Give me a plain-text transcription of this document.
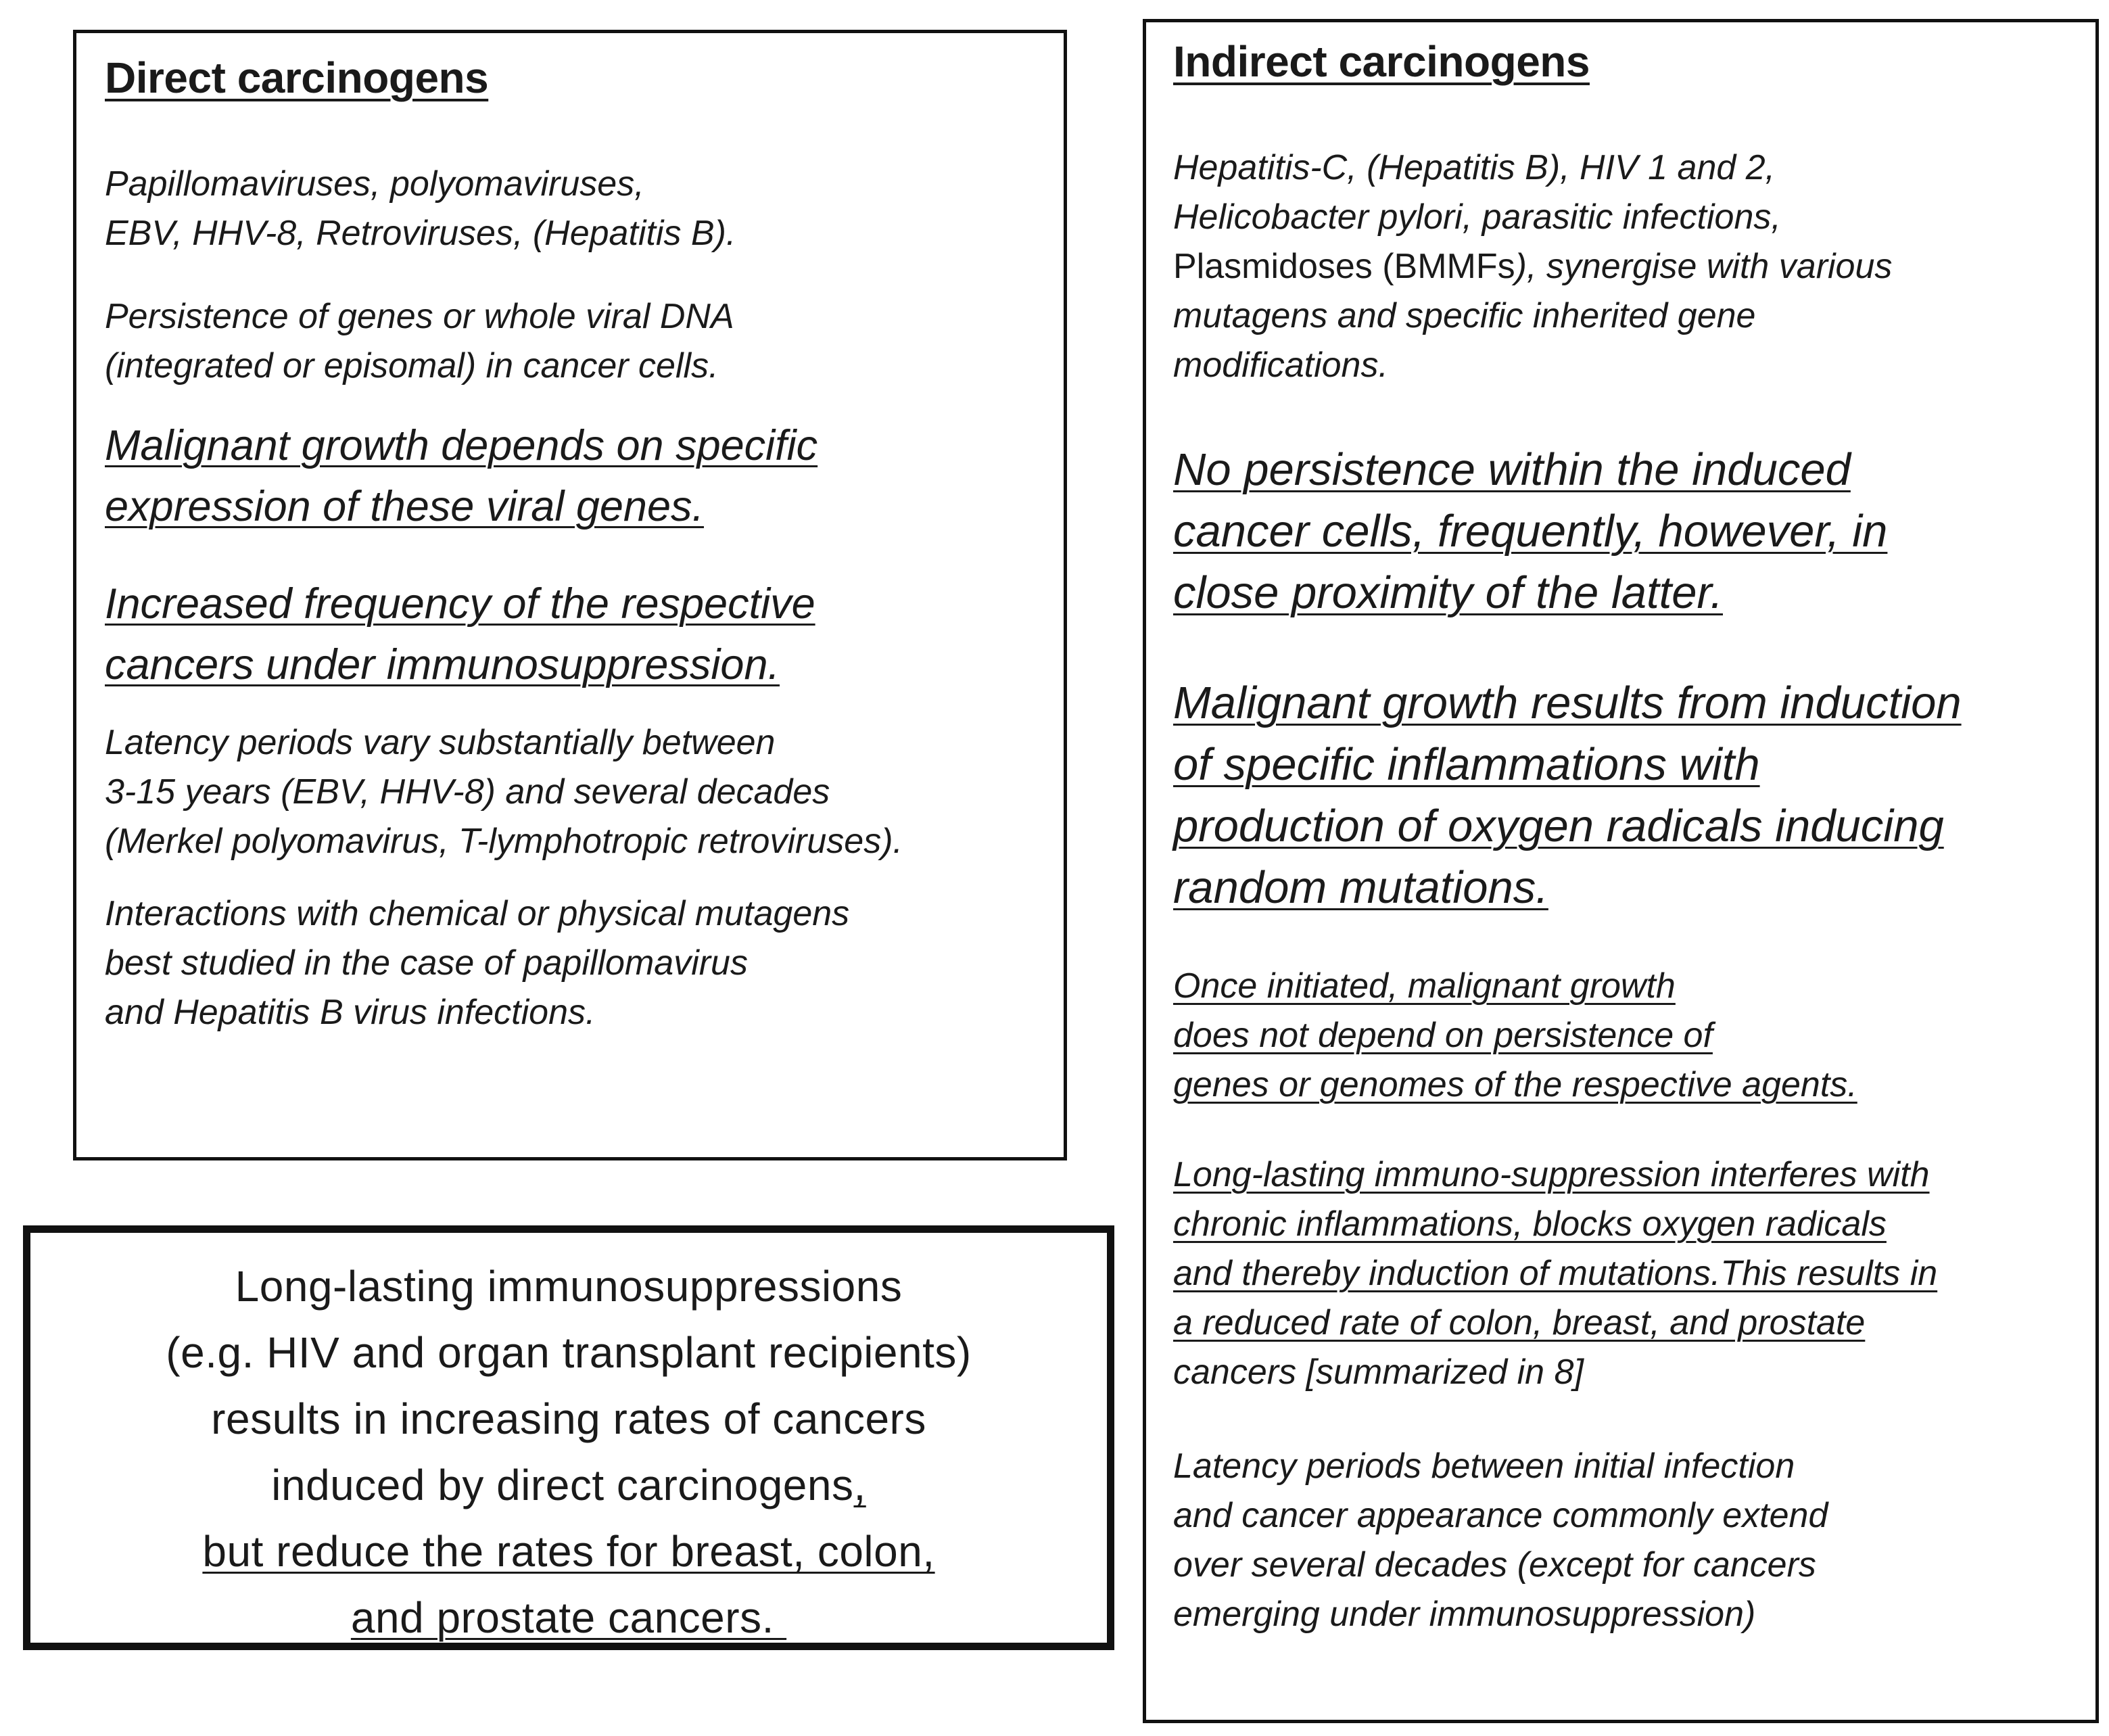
Direct carcinogens

Papillomaviruses, polyomaviruses,
EBV, HHV-8, Retroviruses, (Hepatitis B).

Persistence of genes or whole viral DNA
(integrated or episomal) in cancer cells.

Malignant growth depends on specific
expression of these viral genes.

Increased frequency of the respective
cancers under immunosuppression.

Latency periods vary substantially between
3-15 years (EBV, HHV-8) and several decades
(Merkel polyomavirus, T-lymphotropic retroviruses).

Interactions with chemical or physical mutagens
best studied in the case of papillomavirus
and Hepatitis B virus infections.

Indirect carcinogens

Hepatitis-C, (Hepatitis B), HIV 1 and 2,
Helicobacter pylori, parasitic infections,
Plasmidoses (BMMFs), synergise with various
mutagens and specific inherited gene
modifications.

No persistence within the induced
cancer cells, frequently, however, in
close proximity of the latter.

Malignant growth results from induction
of specific inflammations with
production of oxygen radicals inducing
random mutations.

Once initiated, malignant growth
does not depend on persistence of
genes or genomes of the respective agents.

Long-lasting immuno-suppression interferes with
chronic inflammations, blocks oxygen radicals
and thereby induction of mutations.This results in
a reduced rate of colon, breast, and prostate
cancers [summarized in 8]

Latency periods between initial infection
and cancer appearance commonly extend
over several decades (except for cancers
emerging under immunosuppression)

Long-lasting immunosuppressions
(e.g. HIV and organ transplant recipients)
results in increasing rates of cancers
induced by direct carcinogens,
but reduce the rates for breast, colon,
and prostate cancers.
